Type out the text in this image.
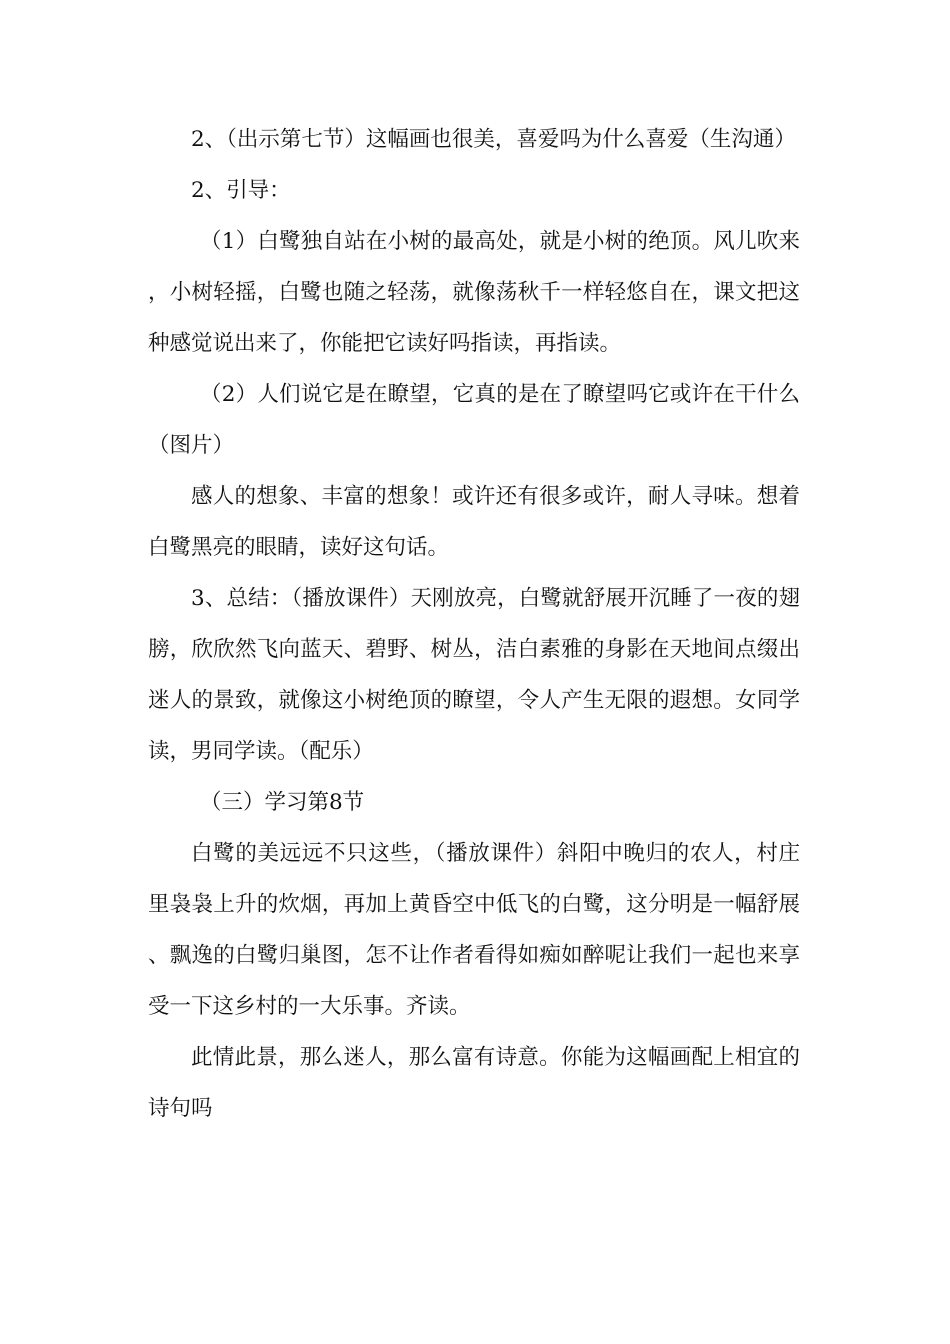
2、（出示第七节）这幅画也很美，喜爱吗为什么喜爱（生沟通）

2、引导：

（1）白鹭独自站在小树的最高处，就是小树的绝顶。风儿吹来，小树轻摇，白鹭也随之轻荡，就像荡秋千一样轻悠自在，课文把这种感觉说出来了，你能把它读好吗指读，再指读。

（2）人们说它是在瞭望，它真的是在了瞭望吗它或许在干什么（图片）

感人的想象、丰富的想象！或许还有很多或许，耐人寻味。想着白鹭黑亮的眼睛，读好这句话。

3、总结：（播放课件）天刚放亮，白鹭就舒展开沉睡了一夜的翅膀，欣欣然飞向蓝天、碧野、树丛，洁白素雅的身影在天地间点缀出迷人的景致，就像这小树绝顶的瞭望，令人产生无限的遐想。女同学读，男同学读。（配乐）

（三）学习第8节

白鹭的美远远不只这些，（播放课件）斜阳中晚归的农人，村庄里袅袅上升的炊烟，再加上黄昏空中低飞的白鹭，这分明是一幅舒展、飘逸的白鹭归巢图，怎不让作者看得如痴如醉呢让我们一起也来享受一下这乡村的一大乐事。齐读。

此情此景，那么迷人，那么富有诗意。你能为这幅画配上相宜的诗句吗
